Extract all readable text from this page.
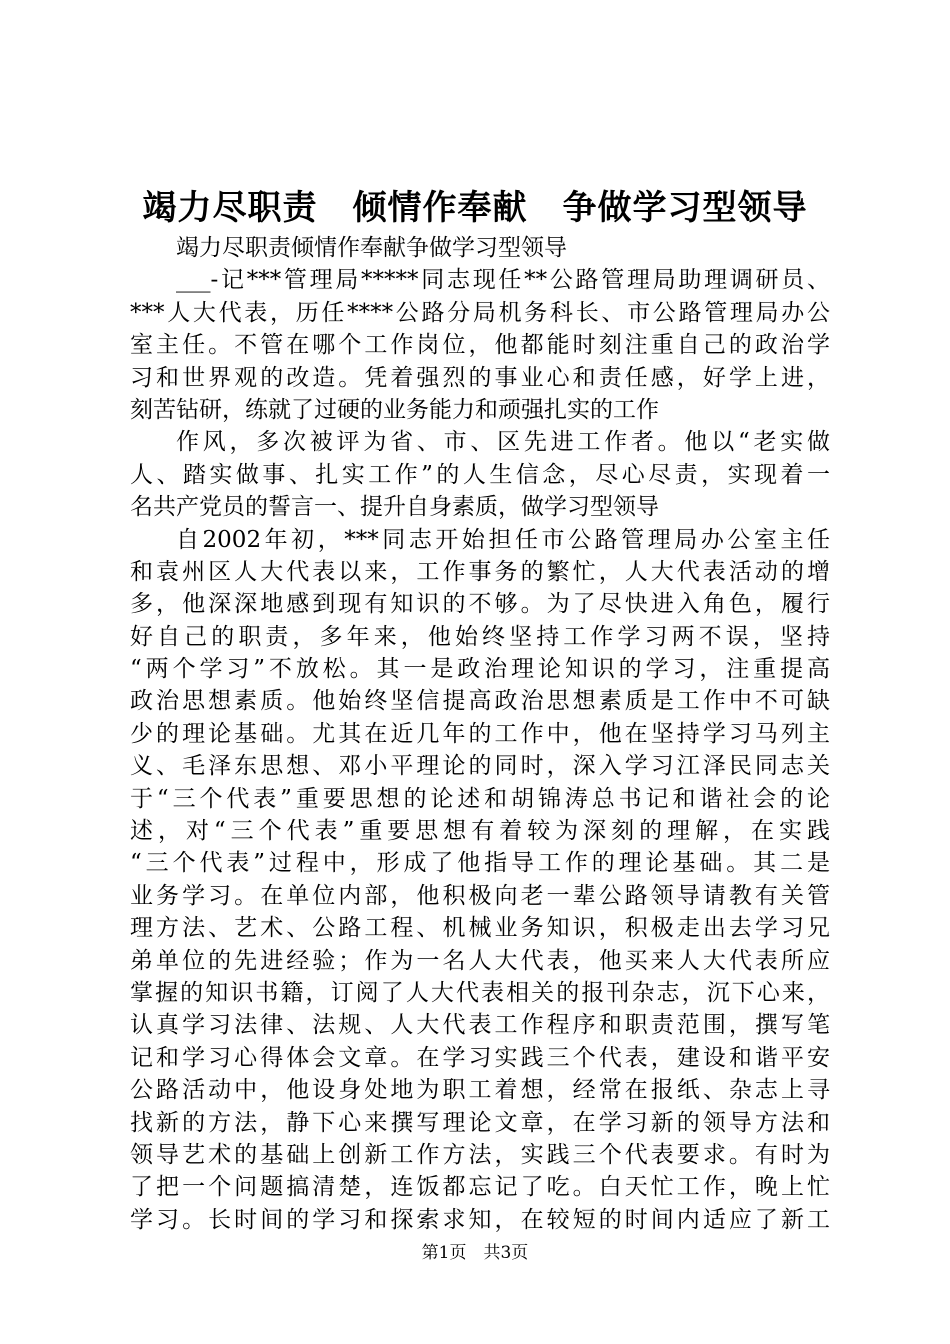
竭力尽职责　倾情作奉献　争做学习型领导
竭力尽职责倾情作奉献争做学习型领导
___-记***管理局*****同志现任**公路管理局助理调研员、
***人大代表，历任****公路分局机务科长、市公路管理局办公
室主任。不管在哪个工作岗位，他都能时刻注重自己的政治学
习和世界观的改造。凭着强烈的事业心和责任感，好学上进，
刻苦钻研，练就了过硬的业务能力和顽强扎实的工作
作风，多次被评为省、市、区先进工作者。他以“老实做
人、踏实做事、扎实工作”的人生信念，尽心尽责，实现着一
名共产党员的誓言一、提升自身素质，做学习型领导
自2002年初，***同志开始担任市公路管理局办公室主任
和袁州区人大代表以来，工作事务的繁忙，人大代表活动的增
多，他深深地感到现有知识的不够。为了尽快进入角色，履行
好自己的职责，多年来，他始终坚持工作学习两不误，坚持
“两个学习”不放松。其一是政治理论知识的学习，注重提高
政治思想素质。他始终坚信提高政治思想素质是工作中不可缺
少的理论基础。尤其在近几年的工作中，他在坚持学习马列主
义、毛泽东思想、邓小平理论的同时，深入学习江泽民同志关
于“三个代表”重要思想的论述和胡锦涛总书记和谐社会的论
述，对“三个代表”重要思想有着较为深刻的理解，在实践
“三个代表”过程中，形成了他指导工作的理论基础。其二是
业务学习。在单位内部，他积极向老一辈公路领导请教有关管
理方法、艺术、公路工程、机械业务知识，积极走出去学习兄
弟单位的先进经验；作为一名人大代表，他买来人大代表所应
掌握的知识书籍，订阅了人大代表相关的报刊杂志，沉下心来，
认真学习法律、法规、人大代表工作程序和职责范围，撰写笔
记和学习心得体会文章。在学习实践三个代表，建设和谐平安
公路活动中，他设身处地为职工着想，经常在报纸、杂志上寻
找新的方法，静下心来撰写理论文章，在学习新的领导方法和
领导艺术的基础上创新工作方法，实践三个代表要求。有时为
了把一个问题搞清楚，连饭都忘记了吃。白天忙工作，晚上忙
学习。长时间的学习和探索求知，在较短的时间内适应了新工
第1页　共3页
